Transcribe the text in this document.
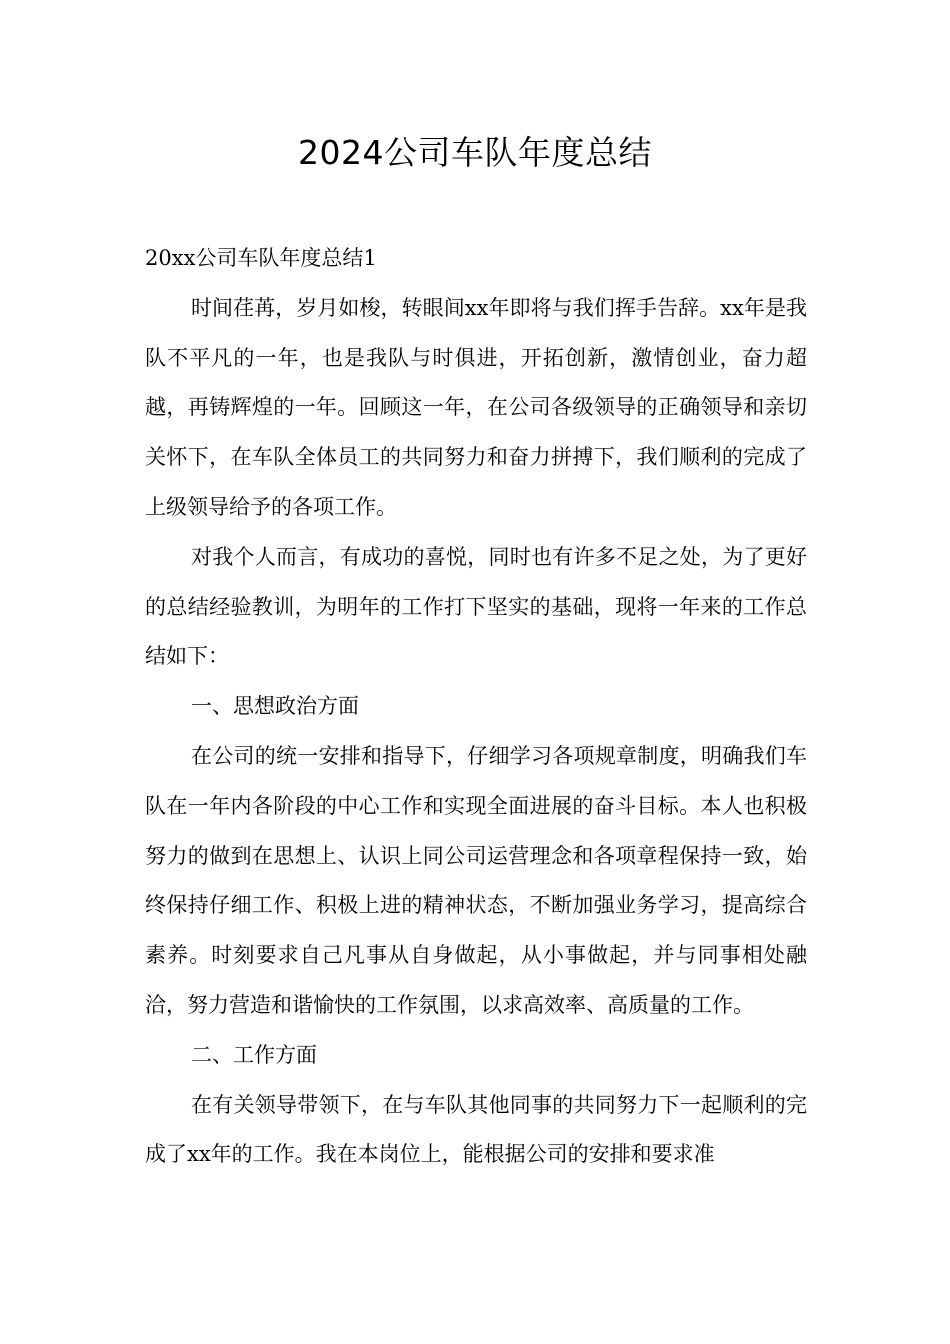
2024公司车队年度总结

20xx公司车队年度总结1

时间荏苒，岁月如梭，转眼间xx年即将与我们挥手告辞。xx年是我队不平凡的一年，也是我队与时俱进，开拓创新，激情创业，奋力超越，再铸辉煌的一年。回顾这一年，在公司各级领导的正确领导和亲切关怀下，在车队全体员工的共同努力和奋力拼搏下，我们顺利的完成了上级领导给予的各项工作。

对我个人而言，有成功的喜悦，同时也有许多不足之处，为了更好的总结经验教训，为明年的工作打下坚实的基础，现将一年来的工作总结如下：

一、思想政治方面

在公司的统一安排和指导下，仔细学习各项规章制度，明确我们车队在一年内各阶段的中心工作和实现全面进展的奋斗目标。本人也积极努力的做到在思想上、认识上同公司运营理念和各项章程保持一致，始终保持仔细工作、积极上进的精神状态，不断加强业务学习，提高综合素养。时刻要求自己凡事从自身做起，从小事做起，并与同事相处融洽，努力营造和谐愉快的工作氛围，以求高效率、高质量的工作。

二、工作方面

在有关领导带领下，在与车队其他同事的共同努力下一起顺利的完成了xx年的工作。我在本岗位上，能根据公司的安排和要求准
